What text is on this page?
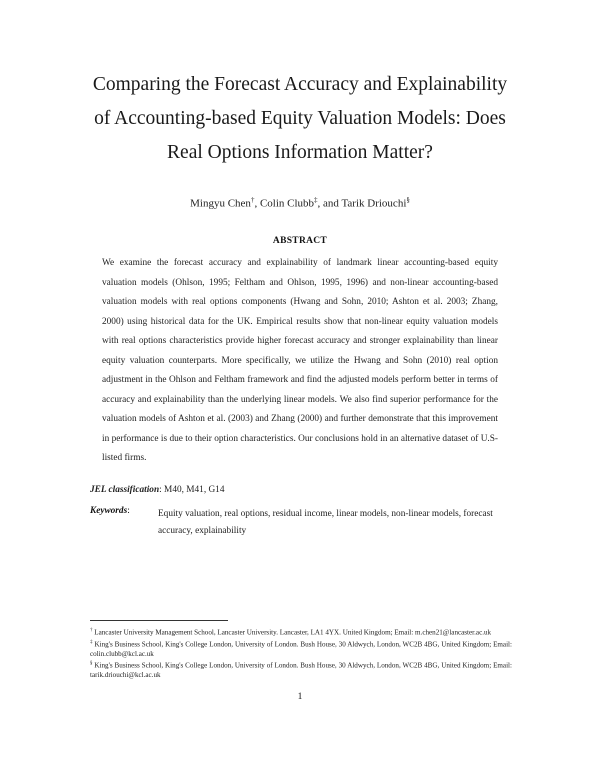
Comparing the Forecast Accuracy and Explainability
of Accounting-based Equity Valuation Models: Does
Real Options Information Matter?
Mingyu Chen†, Colin Clubb‡, and Tarik Driouchi§
ABSTRACT
We examine the forecast accuracy and explainability of landmark linear accounting-based equity valuation models (Ohlson, 1995; Feltham and Ohlson, 1995, 1996) and non-linear accounting-based valuation models with real options components (Hwang and Sohn, 2010; Ashton et al. 2003; Zhang, 2000) using historical data for the UK. Empirical results show that non-linear equity valuation models with real options characteristics provide higher forecast accuracy and stronger explainability than linear equity valuation counterparts. More specifically, we utilize the Hwang and Sohn (2010) real option adjustment in the Ohlson and Feltham framework and find the adjusted models perform better in terms of accuracy and explainability than the underlying linear models. We also find superior performance for the valuation models of Ashton et al. (2003) and Zhang (2000) and further demonstrate that this improvement in performance is due to their option characteristics. Our conclusions hold in an alternative dataset of U.S-listed firms.
JEL classification: M40, M41, G14
Keywords:	Equity valuation, real options, residual income, linear models, non-linear models, forecast accuracy, explainability

† Lancaster University Management School, Lancaster University. Lancaster, LA1 4YX. United Kingdom; Email: m.chen21@lancaster.ac.uk

‡ King's Business School, King's College London, University of London. Bush House, 30 Aldwych, London, WC2B 4BG, United Kingdom; Email: colin.clubb@kcl.ac.uk

§ King's Business School, King's College London, University of London. Bush House, 30 Aldwych, London, WC2B 4BG, United Kingdom; Email: tarik.driouchi@kcl.ac.uk

1
